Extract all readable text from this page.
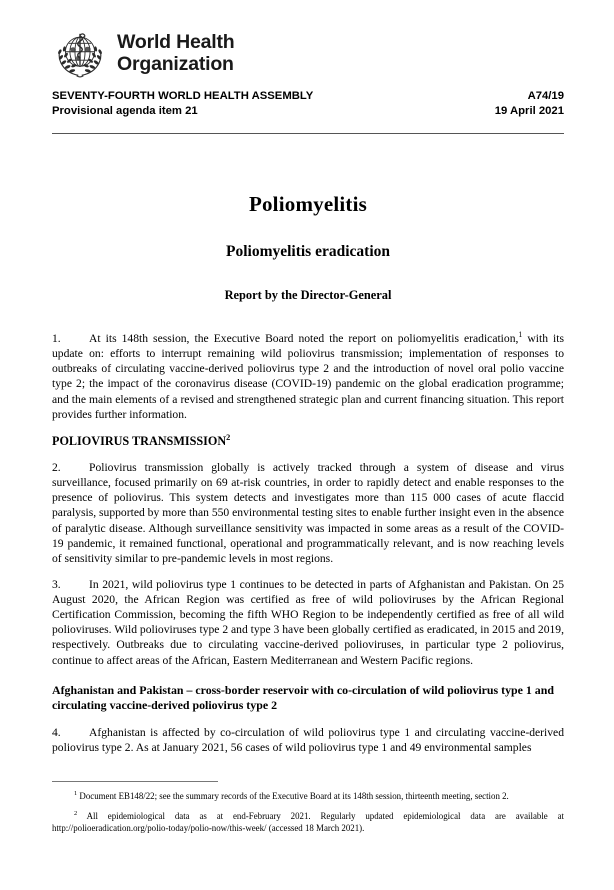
World Health
Organization
SEVENTY-FOURTH WORLD HEALTH ASSEMBLY	A74/19
Provisional agenda item 21	19 April 2021
Poliomyelitis
Poliomyelitis eradication
Report by the Director-General

1. At its 148th session, the Executive Board noted the report on poliomyelitis eradication,$^1$ with its update on: efforts to interrupt remaining wild poliovirus transmission; implementation of responses to outbreaks of circulating vaccine-derived poliovirus type 2 and the introduction of novel oral polio vaccine type 2; the impact of the coronavirus disease (COVID-19) pandemic on the global eradication programme; and the main elements of a revised and strengthened strategic plan and current financing situation. This report provides further information.

POLIOVIRUS TRANSMISSION$^2$

2. Poliovirus transmission globally is actively tracked through a system of disease and virus surveillance, focused primarily on 69 at-risk countries, in order to rapidly detect and enable responses to the presence of poliovirus. This system detects and investigates more than 115 000 cases of acute flaccid paralysis, supported by more than 550 environmental testing sites to enable further insight even in the absence of paralytic disease. Although surveillance sensitivity was impacted in some areas as a result of the COVID-19 pandemic, it remained functional, operational and programmatically relevant, and is now reaching levels of sensitivity similar to pre-pandemic levels in most regions.

3. In 2021, wild poliovirus type 1 continues to be detected in parts of Afghanistan and Pakistan. On 25 August 2020, the African Region was certified as free of wild polioviruses by the African Regional Certification Commission, becoming the fifth WHO Region to be independently certified as free of all wild polioviruses. Wild polioviruses type 2 and type 3 have been globally certified as eradicated, in 2015 and 2019, respectively. Outbreaks due to circulating vaccine-derived polioviruses, in particular type 2 poliovirus, continue to affect areas of the African, Eastern Mediterranean and Western Pacific regions.

Afghanistan and Pakistan – cross-border reservoir with co-circulation of wild poliovirus type 1 and circulating vaccine-derived poliovirus type 2

4. Afghanistan is affected by co-circulation of wild poliovirus type 1 and circulating vaccine-derived poliovirus type 2. As at January 2021, 56 cases of wild poliovirus type 1 and 49 environmental samples

$^1$ Document EB148/22; see the summary records of the Executive Board at its 148th session, thirteenth meeting, section 2.

$^2$ All epidemiological data as at end-February 2021. Regularly updated epidemiological data are available at http://polioeradication.org/polio-today/polio-now/this-week/ (accessed 18 March 2021).
